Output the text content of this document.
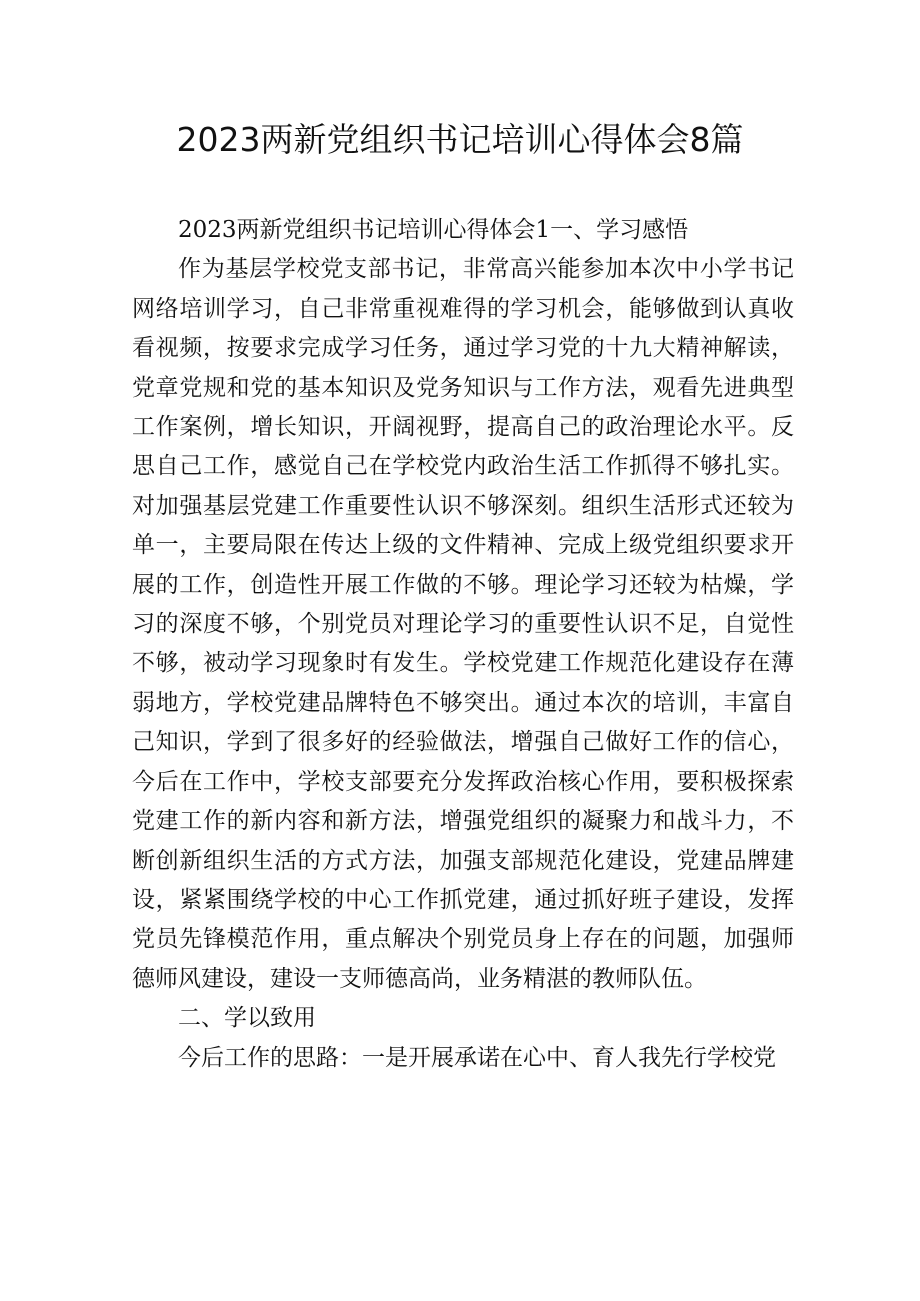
2023两新党组织书记培训心得体会8篇

2023两新党组织书记培训心得体会1一、学习感悟

作为基层学校党支部书记，非常高兴能参加本次中小学书记网络培训学习，自己非常重视难得的学习机会，能够做到认真收看视频，按要求完成学习任务，通过学习党的十九大精神解读，党章党规和党的基本知识及党务知识与工作方法，观看先进典型工作案例，增长知识，开阔视野，提高自己的政治理论水平。反思自己工作，感觉自己在学校党内政治生活工作抓得不够扎实。对加强基层党建工作重要性认识不够深刻。组织生活形式还较为单一，主要局限在传达上级的文件精神、完成上级党组织要求开展的工作，创造性开展工作做的不够。理论学习还较为枯燥，学习的深度不够，个别党员对理论学习的重要性认识不足，自觉性不够，被动学习现象时有发生。学校党建工作规范化建设存在薄弱地方，学校党建品牌特色不够突出。通过本次的培训，丰富自己知识，学到了很多好的经验做法，增强自己做好工作的信心，今后在工作中，学校支部要充分发挥政治核心作用，要积极探索党建工作的新内容和新方法，增强党组织的凝聚力和战斗力，不断创新组织生活的方式方法，加强支部规范化建设，党建品牌建设，紧紧围绕学校的中心工作抓党建，通过抓好班子建设，发挥党员先锋模范作用，重点解决个别党员身上存在的问题，加强师德师风建设，建设一支师德高尚，业务精湛的教师队伍。

二、学以致用

今后工作的思路：一是开展承诺在心中、育人我先行学校党
